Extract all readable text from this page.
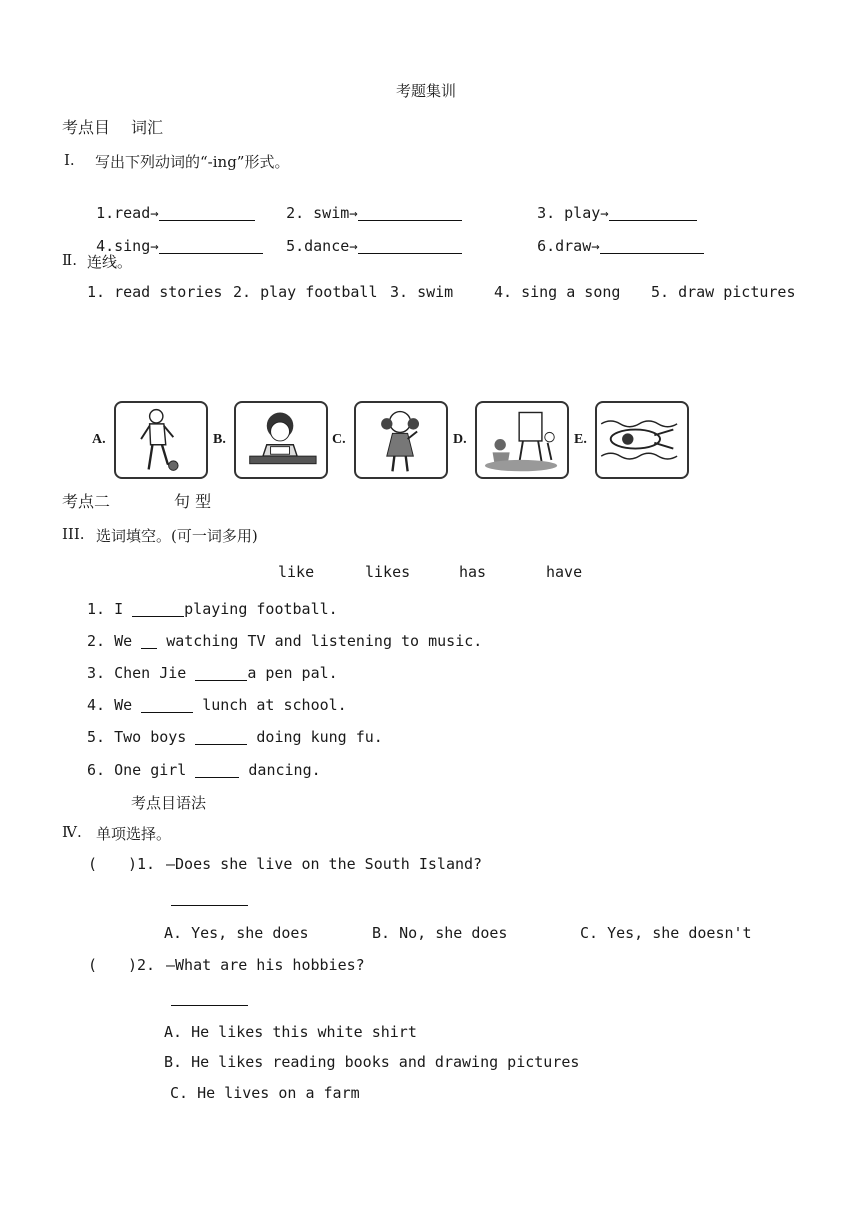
考题集训
考点目 词汇
Ⅰ. 写出下列动词的“-ing”形式。

1.read→	2. swim→	3. play→

4.sing→	5.dance→	6.draw→

Ⅱ. 连线。
1. read stories 2. play football 3. swim	4. sing a song 5. draw pictures
A.	B.	C.	D.	E.
考点二	句 型
III. 选词填空。(可一词多用)
like	likes	has	have
1. I	playing football.
2. We  watching TV and listening to music.
3. Chen Jie	a pen pal.
4. We	lunch at school.
5. Two boys	doing kung fu.
6. One girl	dancing.
考点目语法
Ⅳ. 单项选择。
( )1. —Does she live on the South Island?
A. Yes, she does	B. No, she does	C. Yes, she doesn't
( )2. —What are his hobbies?
A. He likes this white shirt
B. He likes reading books and drawing pictures
C. He lives on a farm
